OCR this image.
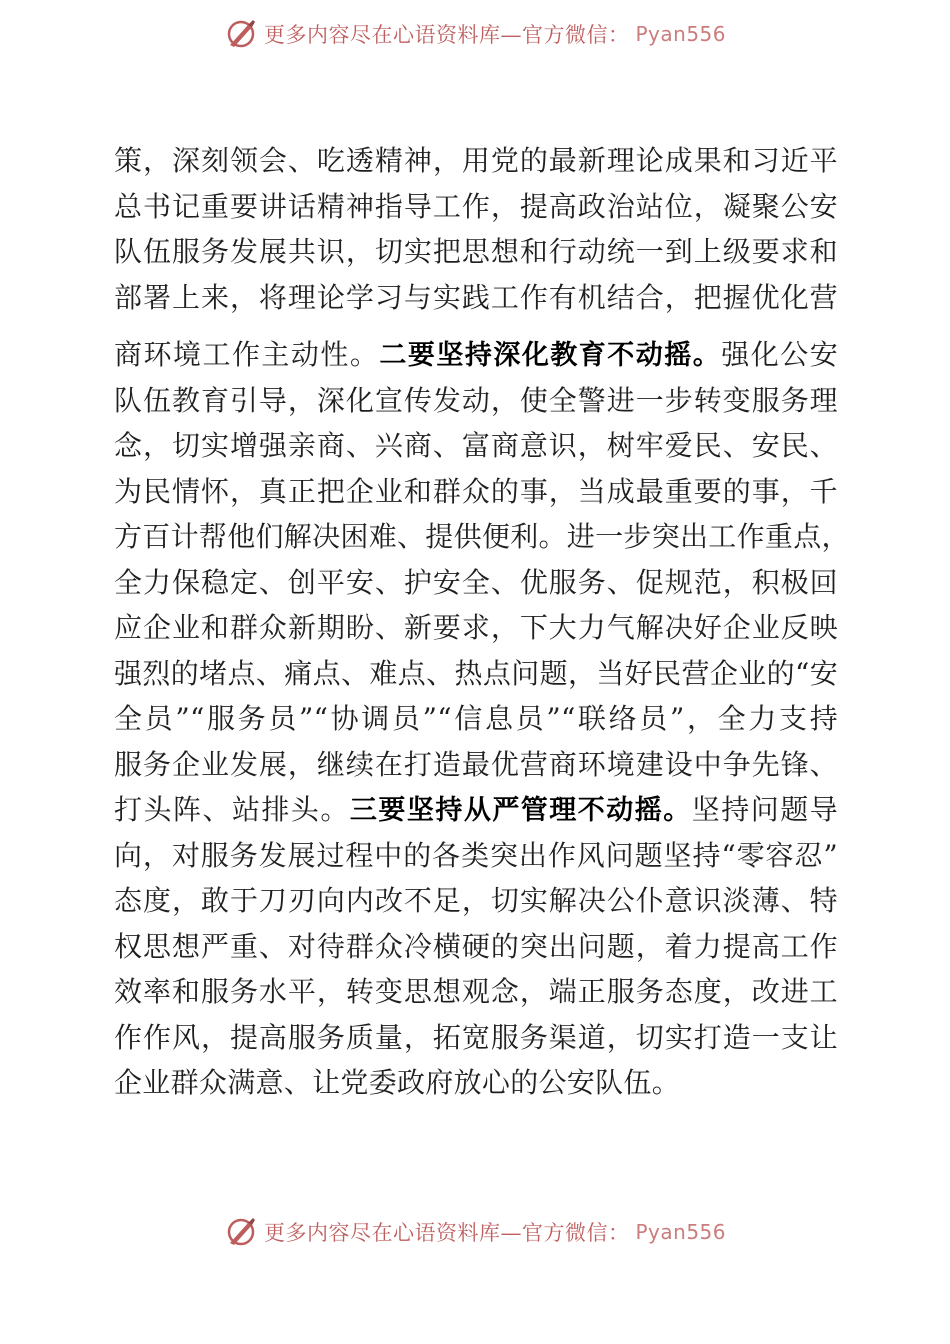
更多内容尽在心语资料库—官方微信： Pyan556
策，深刻领会、吃透精神，用党的最新理论成果和习近平
总书记重要讲话精神指导工作，提高政治站位，凝聚公安
队伍服务发展共识，切实把思想和行动统一到上级要求和
部署上来，将理论学习与实践工作有机结合，把握优化营
商环境工作主动性。二要坚持深化教育不动摇。强化公安
队伍教育引导，深化宣传发动，使全警进一步转变服务理
念，切实增强亲商、兴商、富商意识，树牢爱民、安民、
为民情怀，真正把企业和群众的事，当成最重要的事，千
方百计帮他们解决困难、提供便利。进一步突出工作重点，
全力保稳定、创平安、护安全、优服务、促规范，积极回
应企业和群众新期盼、新要求，下大力气解决好企业反映
强烈的堵点、痛点、难点、热点问题，当好民营企业的“安
全员”“服务员”“协调员”“信息员”“联络员”，全力支持
服务企业发展，继续在打造最优营商环境建设中争先锋、
打头阵、站排头。三要坚持从严管理不动摇。坚持问题导
向，对服务发展过程中的各类突出作风问题坚持“零容忍”
态度，敢于刀刃向内改不足，切实解决公仆意识淡薄、特
权思想严重、对待群众冷横硬的突出问题，着力提高工作
效率和服务水平，转变思想观念，端正服务态度，改进工
作作风，提高服务质量，拓宽服务渠道，切实打造一支让
企业群众满意、让党委政府放心的公安队伍。
更多内容尽在心语资料库—官方微信： Pyan556
